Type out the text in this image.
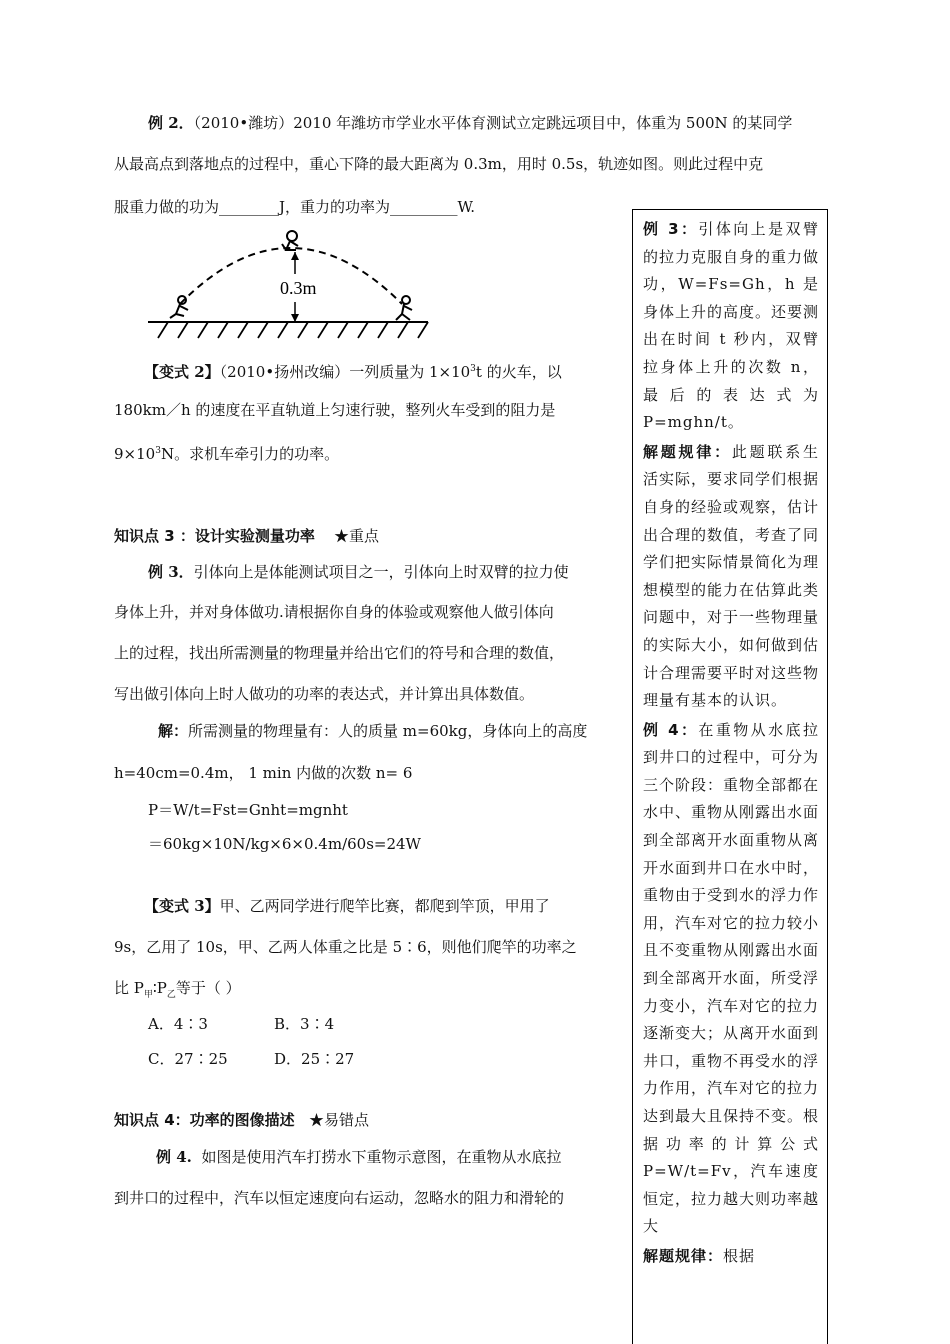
例 2．（2010•潍坊）2010 年潍坊市学业水平体育测试立定跳远项目中，体重为 500N 的某同学
从最高点到落地点的过程中，重心下降的最大距离为 0.3m，用时 0.5s，轨迹如图。则此过程中克
服重力做的功为________J，重力的功率为_________W.
0.3m
【变式 2】（2010•扬州改编）一列质量为 $1\times 10^3t$ 的火车，以
180km／h 的速度在平直轨道上匀速行驶，整列火车受到的阻力是
$9\times 10^3N$。求机车牵引力的功率。
知识点 3 ：设计实验测量功率 ★重点
例 3．引体向上是体能测试项目之一，引体向上时双臂的拉力使
身体上升，并对身体做功.请根据你自身的体验或观察他人做引体向
上的过程，找出所需测量的物理量并给出它们的符号和合理的数值，
写出做引体向上时人做功的功率的表达式，并计算出具体数值。
解：所需测量的物理量有：人的质量 m=60kg，身体向上的高度
h=40cm=0.4m， 1 min 内做的次数 n= 6
P＝W/t=Fst=Gnht=mgnht
＝60kg×10N/kg×6×0.4m/60s=24W
【变式 3】甲、乙两同学进行爬竿比赛，都爬到竿顶，甲用了
9s，乙用了 10s，甲、乙两人体重之比是 5∶6，则他们爬竿的功率之
比 $P_甲∶P_乙$等于（ ）
A．4∶3	B．3∶4
C．27∶25	D．25∶27
知识点 4：功率的图像描述 ★易错点
例 4. 如图是使用汽车打捞水下重物示意图，在重物从水底拉
到井口的过程中，汽车以恒定速度向右运动，忽略水的阻力和滑轮的

例 3：引体向上是双臂的拉力克服自身的重力做功，W=Fs=Gh，h 是身体上升的高度。还要测出在时间 t 秒内，双臂拉身体上升的次数 n，最后的表达式为 P=mghn/t。

解题规律：此题联系生活实际，要求同学们根据自身的经验或观察，估计出合理的数值，考查了同学们把实际情景简化为理想模型的能力在估算此类问题中，对于一些物理量的实际大小，如何做到估计合理需要平时对这些物理量有基本的认识。

例 4：在重物从水底拉到井口的过程中，可分为三个阶段：重物全部都在水中、重物从刚露出水面到全部离开水面重物从离开水面到井口在水中时，重物由于受到水的浮力作用，汽车对它的拉力较小且不变重物从刚露出水面到全部离开水面，所受浮力变小，汽车对它的拉力逐渐变大；从离开水面到井口，重物不再受水的浮力作用，汽车对它的拉力达到最大且保持不变。根据功率的计算公式 P=W/t=Fv，汽车速度恒定，拉力越大则功率越大

解题规律：根据
